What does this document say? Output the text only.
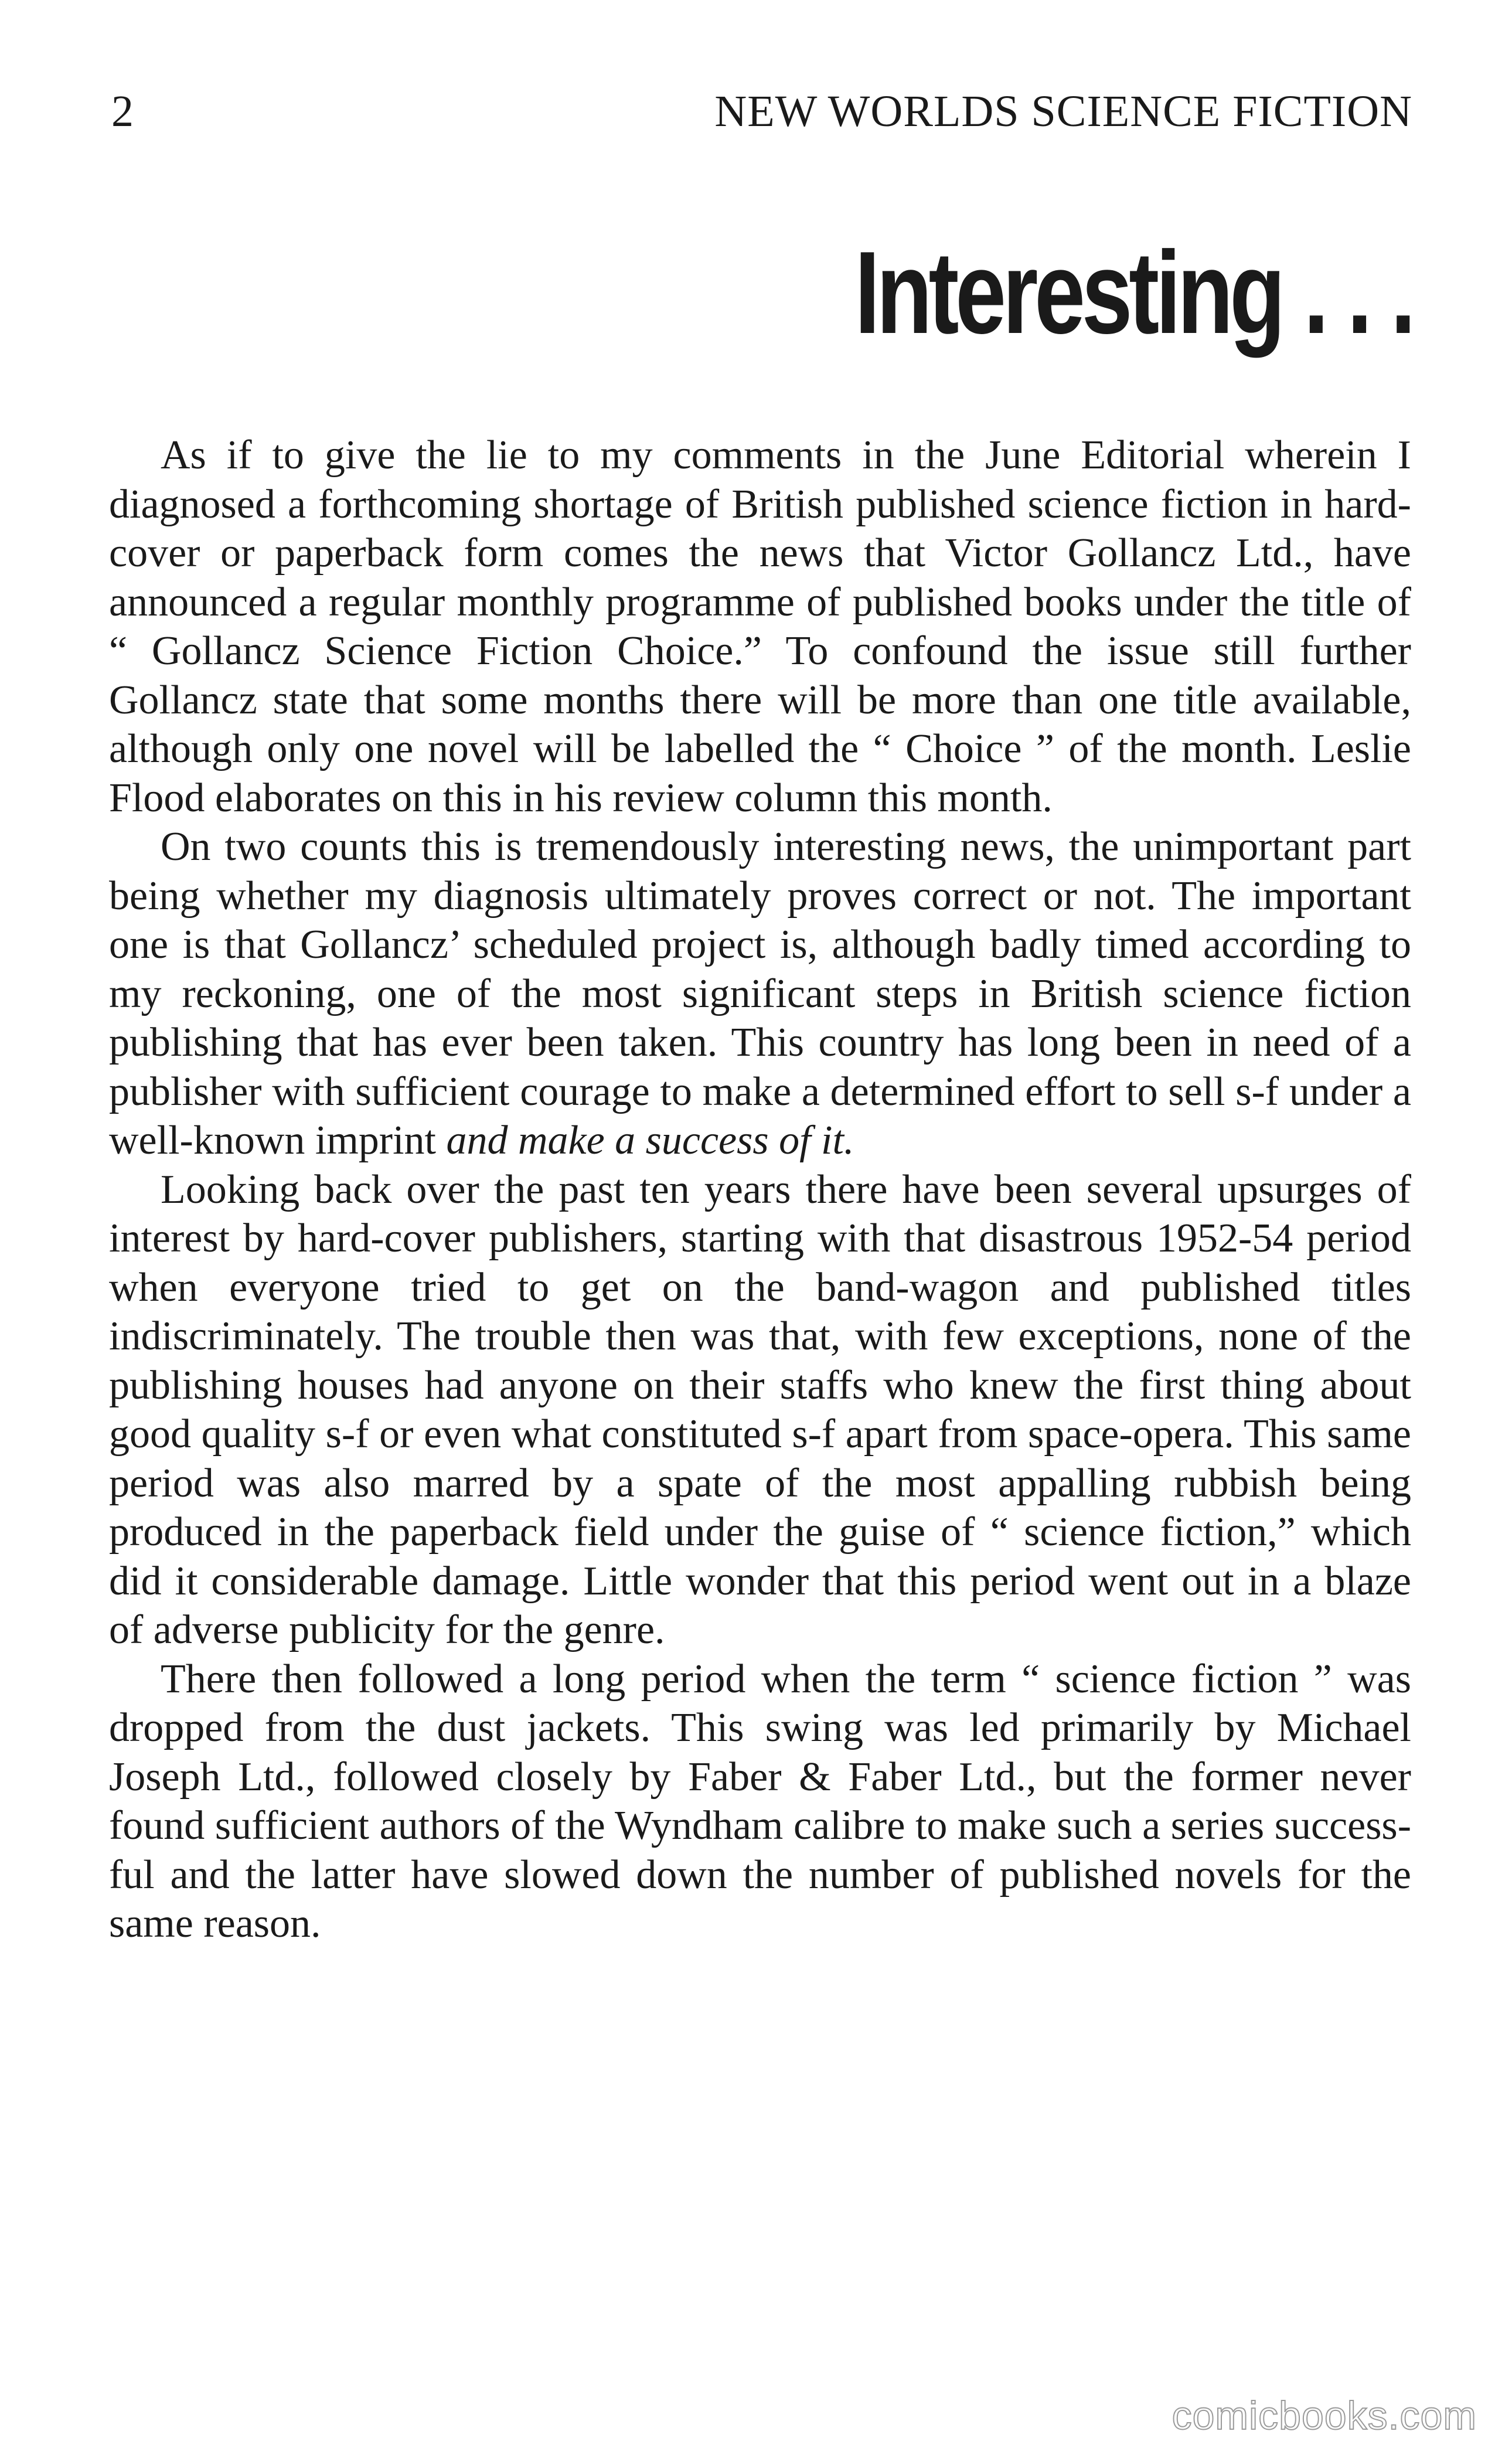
2	NEW WORLDS SCIENCE FICTION
Interesting . . .

As if to give the lie to my comments in the June Editorial wherein I diagnosed a forthcoming shortage of British published science fiction in hard-cover or paperback form comes the news that Victor Gollancz Ltd., have announced a regular monthly programme of published books under the title of “ Gollancz Science Fiction Choice.” To confound the issue still further Gollancz state that some months there will be more than one title available, although only one novel will be labelled the “ Choice ” of the month. Leslie Flood elaborates on this in his review column this month.

On two counts this is tremendously interesting news, the unimportant part being whether my diagnosis ultimately proves correct or not. The important one is that Gollancz’ scheduled project is, although badly timed according to my reckoning, one of the most significant steps in British science fiction publishing that has ever been taken. This country has long been in need of a publisher with sufficient courage to make a determined effort to sell s-f under a well-known imprint and make a success of it.

Looking back over the past ten years there have been several upsurges of interest by hard-cover publishers, starting with that disastrous 1952-54 period when everyone tried to get on the band-wagon and published titles indiscriminately. The trouble then was that, with few exceptions, none of the publishing houses had anyone on their staffs who knew the first thing about good quality s-f or even what constituted s-f apart from space-opera. This same period was also marred by a spate of the most appalling rubbish being produced in the paperback field under the guise of “ science fiction,” which did it considerable damage. Little wonder that this period went out in a blaze of adverse publicity for the genre.

There then followed a long period when the term “ science fiction ” was dropped from the dust jackets. This swing was led primarily by Michael Joseph Ltd., followed closely by Faber & Faber Ltd., but the former never found sufficient authors of the Wyndham calibre to make such a series successful and the latter have slowed down the number of published novels for the same reason.

comicbooks.com
